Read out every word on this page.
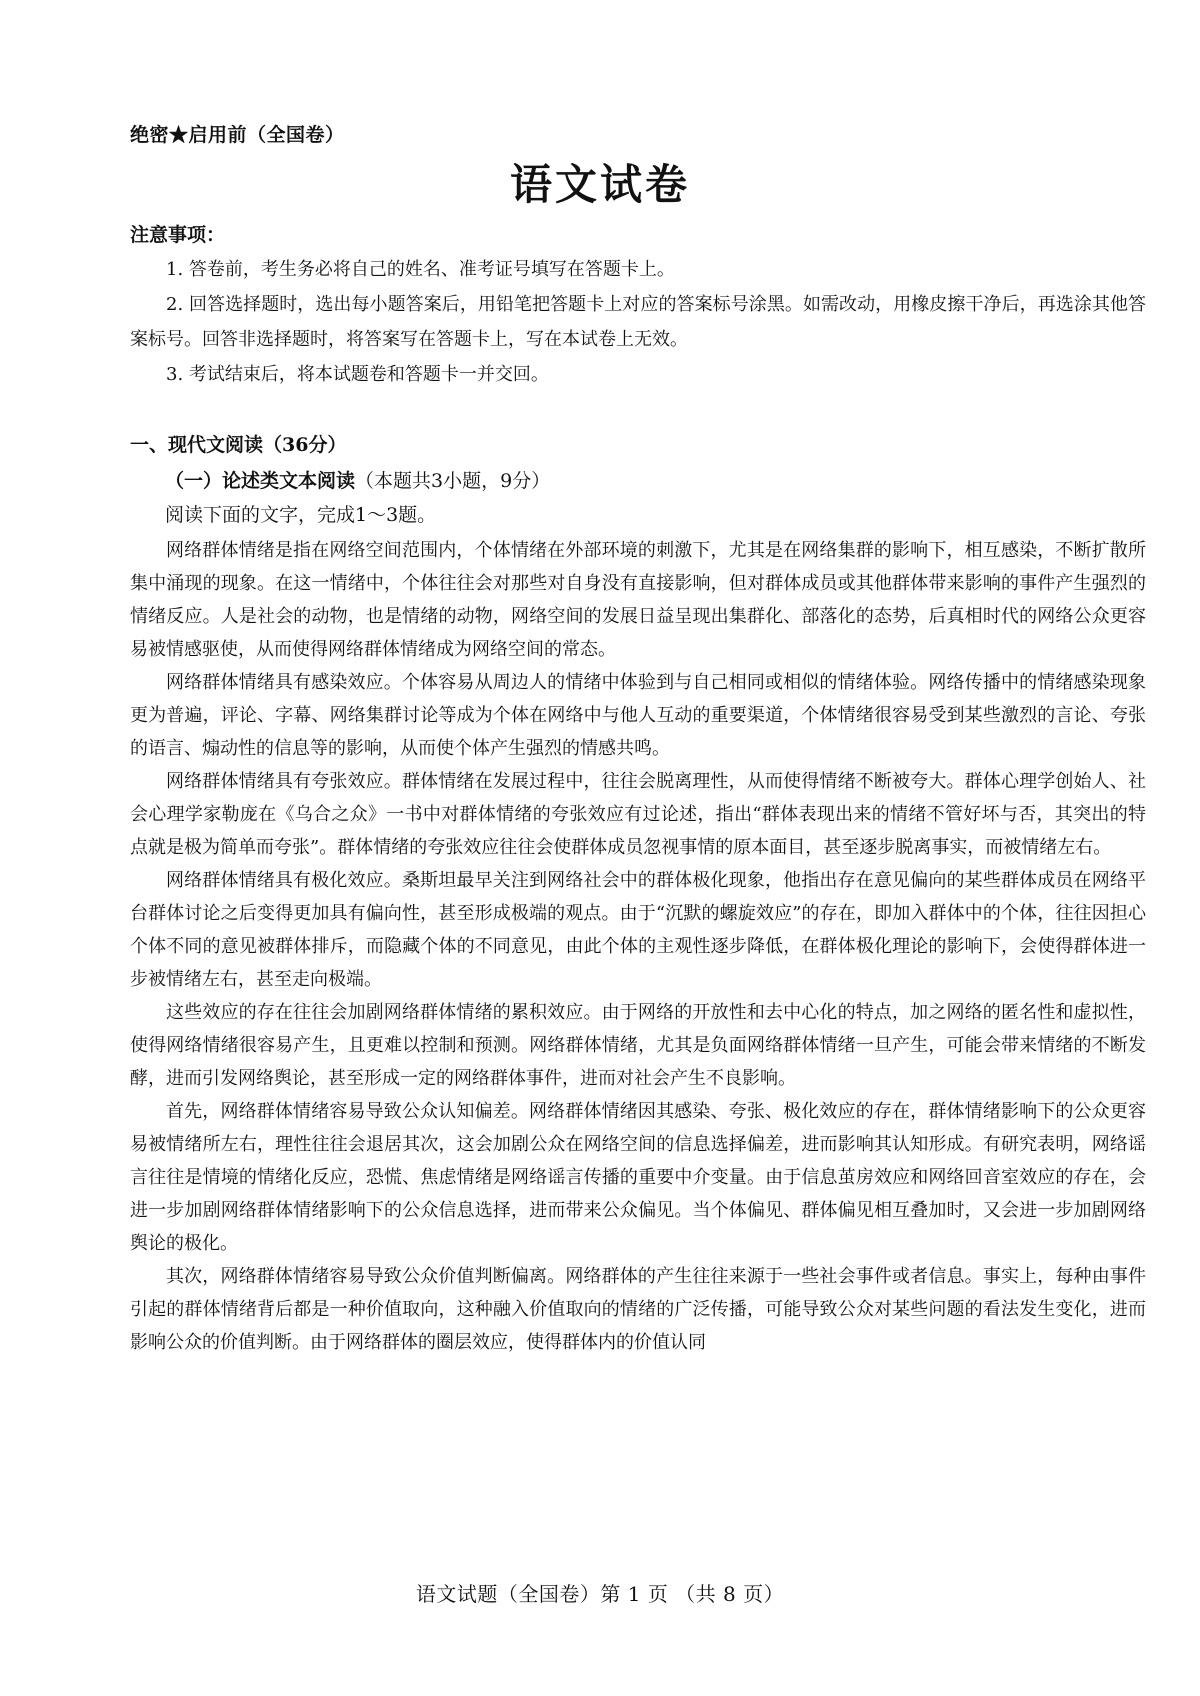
绝密★启用前（全国卷）
语文试卷
注意事项：

1. 答卷前，考生务必将自己的姓名、准考证号填写在答题卡上。

2. 回答选择题时，选出每小题答案后，用铅笔把答题卡上对应的答案标号涂黑。如需改动，用橡皮擦干净后，再选涂其他答案标号。回答非选择题时，将答案写在答题卡上，写在本试卷上无效。

3. 考试结束后，将本试题卷和答题卡一并交回。

一、现代文阅读（36分）
（一）论述类文本阅读（本题共3小题，9分）
阅读下面的文字，完成1～3题。

网络群体情绪是指在网络空间范围内，个体情绪在外部环境的刺激下，尤其是在网络集群的影响下，相互感染，不断扩散所集中涌现的现象。在这一情绪中，个体往往会对那些对自身没有直接影响，但对群体成员或其他群体带来影响的事件产生强烈的情绪反应。人是社会的动物，也是情绪的动物，网络空间的发展日益呈现出集群化、部落化的态势，后真相时代的网络公众更容易被情感驱使，从而使得网络群体情绪成为网络空间的常态。

网络群体情绪具有感染效应。个体容易从周边人的情绪中体验到与自己相同或相似的情绪体验。网络传播中的情绪感染现象更为普遍，评论、字幕、网络集群讨论等成为个体在网络中与他人互动的重要渠道，个体情绪很容易受到某些激烈的言论、夸张的语言、煽动性的信息等的影响，从而使个体产生强烈的情感共鸣。

网络群体情绪具有夸张效应。群体情绪在发展过程中，往往会脱离理性，从而使得情绪不断被夸大。群体心理学创始人、社会心理学家勒庞在《乌合之众》一书中对群体情绪的夸张效应有过论述，指出“群体表现出来的情绪不管好坏与否，其突出的特点就是极为简单而夸张”。群体情绪的夸张效应往往会使群体成员忽视事情的原本面目，甚至逐步脱离事实，而被情绪左右。

网络群体情绪具有极化效应。桑斯坦最早关注到网络社会中的群体极化现象，他指出存在意见偏向的某些群体成员在网络平台群体讨论之后变得更加具有偏向性，甚至形成极端的观点。由于“沉默的螺旋效应”的存在，即加入群体中的个体，往往因担心个体不同的意见被群体排斥，而隐藏个体的不同意见，由此个体的主观性逐步降低，在群体极化理论的影响下，会使得群体进一步被情绪左右，甚至走向极端。

这些效应的存在往往会加剧网络群体情绪的累积效应。由于网络的开放性和去中心化的特点，加之网络的匿名性和虚拟性，使得网络情绪很容易产生，且更难以控制和预测。网络群体情绪，尤其是负面网络群体情绪一旦产生，可能会带来情绪的不断发酵，进而引发网络舆论，甚至形成一定的网络群体事件，进而对社会产生不良影响。

首先，网络群体情绪容易导致公众认知偏差。网络群体情绪因其感染、夸张、极化效应的存在，群体情绪影响下的公众更容易被情绪所左右，理性往往会退居其次，这会加剧公众在网络空间的信息选择偏差，进而影响其认知形成。有研究表明，网络谣言往往是情境的情绪化反应，恐慌、焦虑情绪是网络谣言传播的重要中介变量。由于信息茧房效应和网络回音室效应的存在，会进一步加剧网络群体情绪影响下的公众信息选择，进而带来公众偏见。当个体偏见、群体偏见相互叠加时，又会进一步加剧网络舆论的极化。

其次，网络群体情绪容易导致公众价值判断偏离。网络群体的产生往往来源于一些社会事件或者信息。事实上，每种由事件引起的群体情绪背后都是一种价值取向，这种融入价值取向的情绪的广泛传播，可能导致公众对某些问题的看法发生变化，进而影响公众的价值判断。由于网络群体的圈层效应，使得群体内的价值认同

语文试题（全国卷）第 1 页 （共 8 页）
